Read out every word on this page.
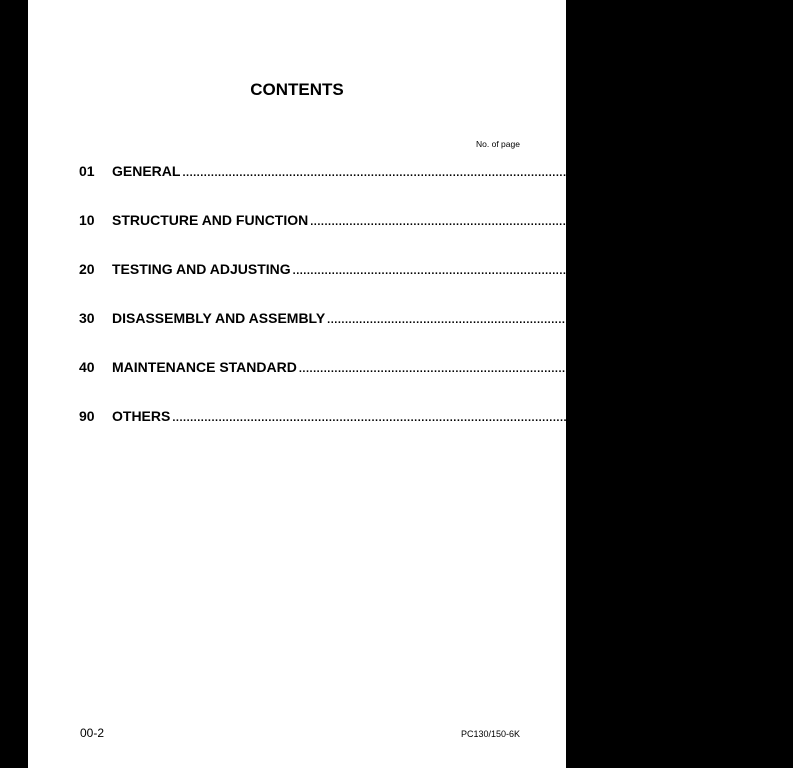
CONTENTS
No. of page
01	GENERAL ........................................................................................................................	01-1
10	STRUCTURE AND FUNCTION ........................................................................................................................	10-1
20	TESTING AND ADJUSTING ........................................................................................................................	20-1
30	DISASSEMBLY AND ASSEMBLY ........................................................................................................................	30-1
40	MAINTENANCE STANDARD ........................................................................................................................	40-1
90	OTHERS ........................................................................................................................	90-1
00-2	PC130/150-6K
